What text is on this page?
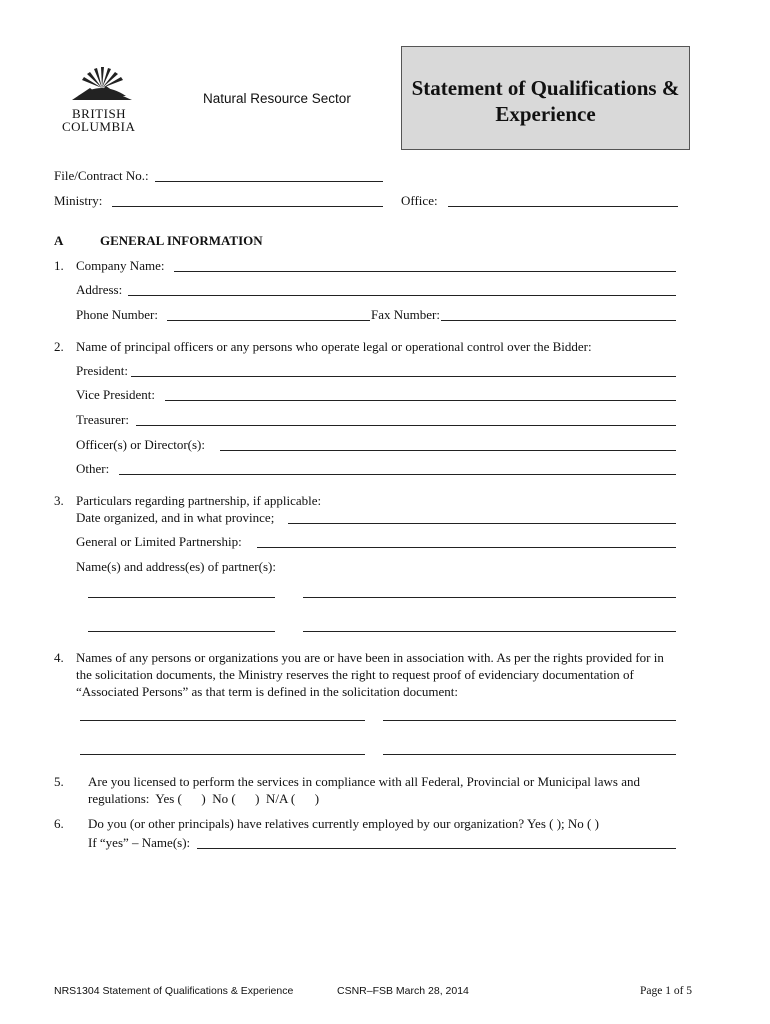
BRITISH
COLUMBIA
Natural Resource Sector	Statement of Qualifications &
Experience
File/Contract No.:
Ministry:	Office:
A	GENERAL INFORMATION
1. Company Name:
Address:
Phone Number:	Fax Number:
2. Name of principal officers or any persons who operate legal or operational control over the Bidder:
President:
Vice President:
Treasurer:
Officer(s) or Director(s):
Other:
3. Particulars regarding partnership, if applicable:
Date organized, and in what province;
General or Limited Partnership:
Name(s) and address(es) of partner(s):
4. Names of any persons or organizations you are or have been in association with. As per the rights provided for in
the solicitation documents, the Ministry reserves the right to request proof of evidenciary documentation of
“Associated Persons” as that term is defined in the solicitation document:
5. Are you licensed to perform the services in compliance with all Federal, Provincial or Municipal laws and
regulations:  Yes (      )  No (      )  N/A (      )
6. Do you (or other principals) have relatives currently employed by our organization? Yes ( ); No ( )
If “yes” – Name(s):
NRS1304 Statement of Qualifications & Experience	CSNR–FSB March 28, 2014	Page 1 of 5
